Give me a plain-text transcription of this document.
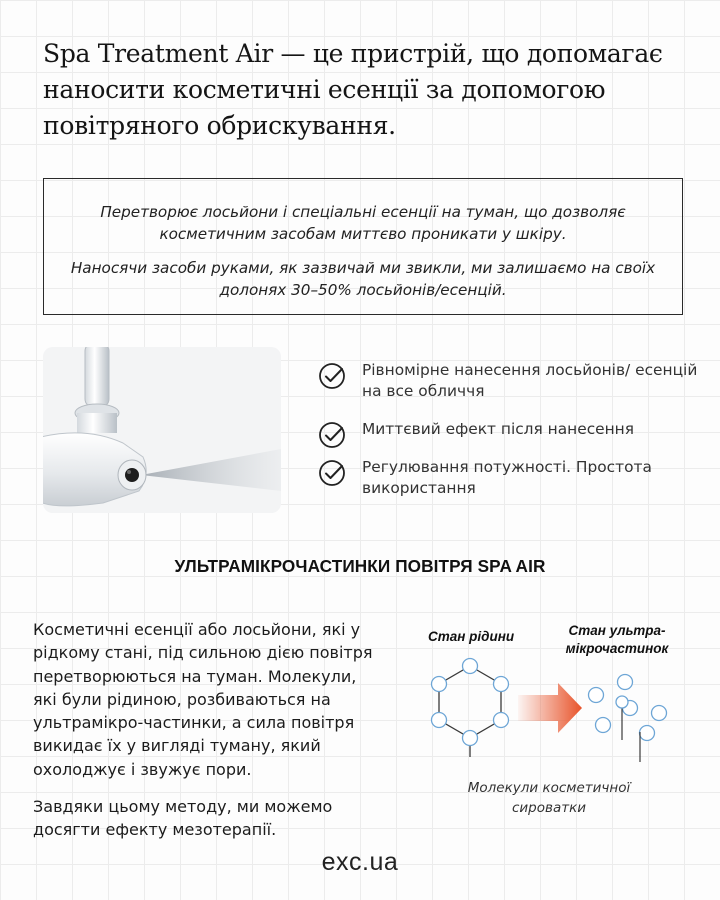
Spa Treatment Air — це пристрій, що допомагає наносити косметичні есенції за допомогою повітряного обрискування.

Перетворює лосьйони і спеціальні есенції на туман, що дозволяє косметичним засобам миттєво проникати у шкіру.

Наносячи засоби руками, як зазвичай ми звикли, ми залишаємо на своїх долонях 30–50% лосьйонів/есенцій.

Рівномірне нанесення лосьйонів/ есенцій на все обличчя
Миттєвий ефект після нанесення
Регулювання потужності. Простота використання
УЛЬТРАМІКРОЧАСТИНКИ ПОВІТРЯ SPA AIR

Косметичні есенції або лосьйони, які у рідкому стані, під сильною дією повітря перетворюються на туман. Молекули, які були рідиною, розбиваються на ультрамікро-частинки, а сила повітря викидає їх у вигляді туману, який охолоджує і звужує пори.

Завдяки цьому методу, ми можемо досягти ефекту мезотерапії.

Стан рідини	Стан ультра-мікрочастинок
Молекули косметичної сироватки
exc.ua
